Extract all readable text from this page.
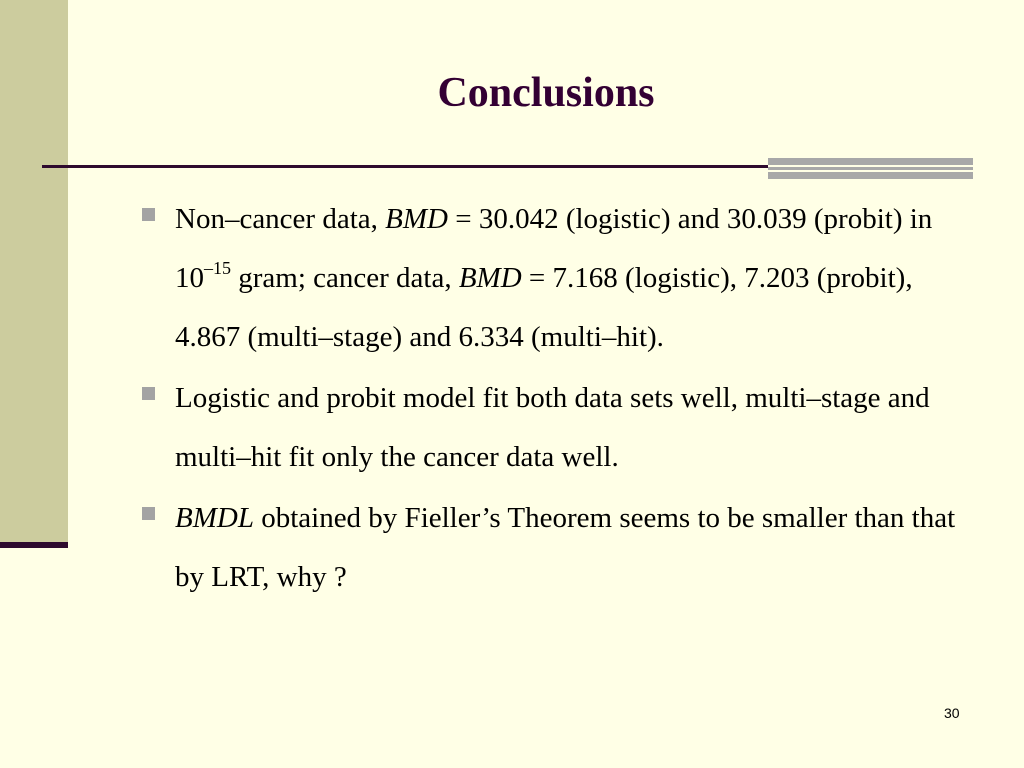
Conclusions
Non–cancer data, BMD = 30.042 (logistic) and 30.039 (probit) in $10^{-15}$ gram; cancer data, BMD = 7.168 (logistic), 7.203 (probit), 4.867 (multi–stage) and 6.334 (multi–hit).
Logistic and probit model fit both data sets well, multi–stage and multi–hit fit only the cancer data well.
BMDL obtained by Fieller’s Theorem seems to be smaller than that by LRT, why ?
30
